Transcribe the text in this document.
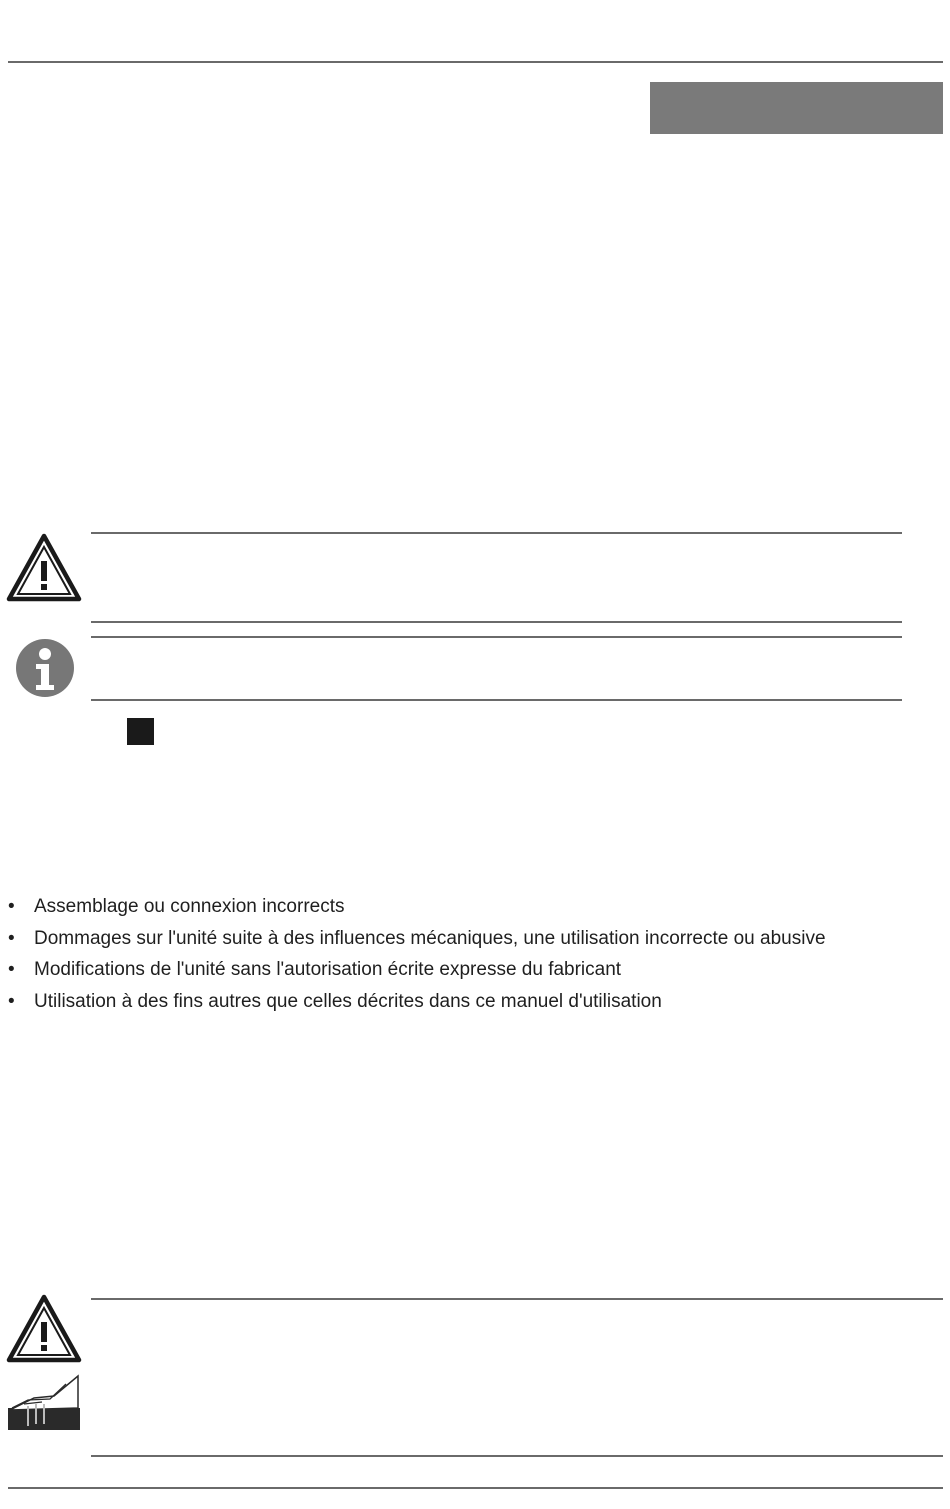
• Assemblage ou connexion incorrects
• Dommages sur l'unité suite à des influences mécaniques, une utilisation incorrecte ou abusive
• Modifications de l'unité sans l'autorisation écrite expresse du fabricant
• Utilisation à des fins autres que celles décrites dans ce manuel d'utilisation
